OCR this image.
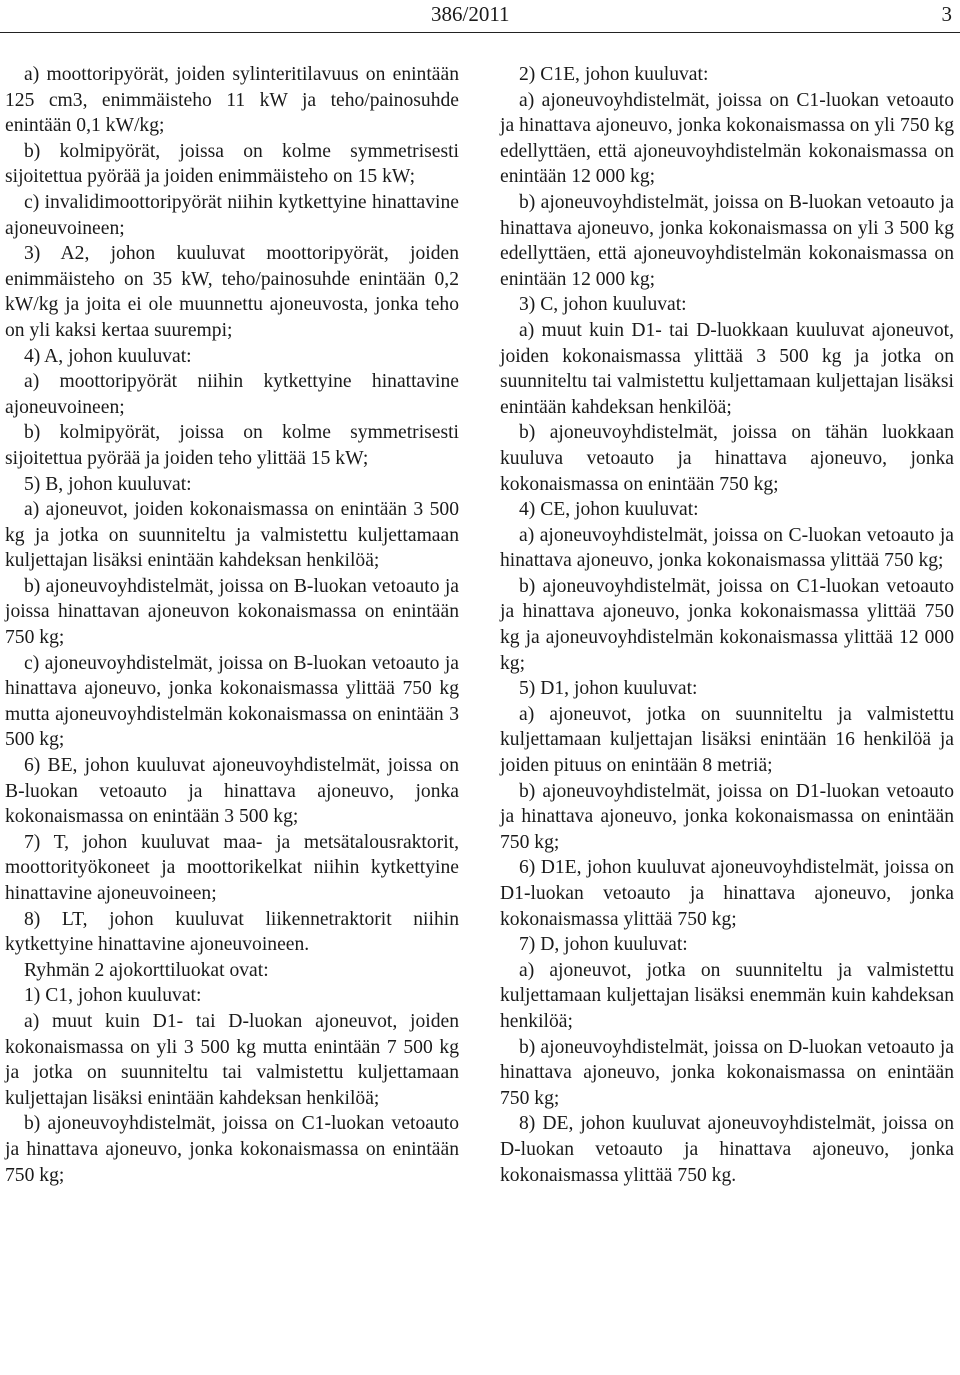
386/2011	3

a) moottoripyörät, joiden sylinteritilavuus on enintään 125 cm3, enimmäisteho 11 kW ja teho/painosuhde enintään 0,1 kW/kg;

b) kolmipyörät, joissa on kolme symmetrisesti sijoitettua pyörää ja joiden enimmäisteho on 15 kW;

c) invalidimoottoripyörät niihin kytkettyine hinattavine ajoneuvoineen;

3) A2, johon kuuluvat moottoripyörät, joiden enimmäisteho on 35 kW, teho/painosuhde enintään 0,2 kW/kg ja joita ei ole muunnettu ajoneuvosta, jonka teho on yli kaksi kertaa suurempi;

4) A, johon kuuluvat:

a) moottoripyörät niihin kytkettyine hinattavine ajoneuvoineen;

b) kolmipyörät, joissa on kolme symmetrisesti sijoitettua pyörää ja joiden teho ylittää 15 kW;

5) B, johon kuuluvat:

a) ajoneuvot, joiden kokonaismassa on enintään 3 500 kg ja jotka on suunniteltu ja valmistettu kuljettamaan kuljettajan lisäksi enintään kahdeksan henkilöä;

b) ajoneuvoyhdistelmät, joissa on B-luokan vetoauto ja joissa hinattavan ajoneuvon kokonaismassa on enintään 750 kg;

c) ajoneuvoyhdistelmät, joissa on B-luokan vetoauto ja hinattava ajoneuvo, jonka kokonaismassa ylittää 750 kg mutta ajoneuvoyhdistelmän kokonaismassa on enintään 3 500 kg;

6) BE, johon kuuluvat ajoneuvoyhdistelmät, joissa on B-luokan vetoauto ja hinattava ajoneuvo, jonka kokonaismassa on enintään 3 500 kg;

7) T, johon kuuluvat maa- ja metsätalousraktorit, moottorityökoneet ja moottorikelkat niihin kytkettyine hinattavine ajoneuvoineen;

8) LT, johon kuuluvat liikennetraktorit niihin kytkettyine hinattavine ajoneuvoineen.

Ryhmän 2 ajokorttiluokat ovat:

1) C1, johon kuuluvat:

a) muut kuin D1- tai D-luokan ajoneuvot, joiden kokonaismassa on yli 3 500 kg mutta enintään 7 500 kg ja jotka on suunniteltu tai valmistettu kuljettamaan kuljettajan lisäksi enintään kahdeksan henkilöä;

b) ajoneuvoyhdistelmät, joissa on C1-luokan vetoauto ja hinattava ajoneuvo, jonka kokonaismassa on enintään 750 kg;

2) C1E, johon kuuluvat:

a) ajoneuvoyhdistelmät, joissa on C1-luokan vetoauto ja hinattava ajoneuvo, jonka kokonaismassa on yli 750 kg edellyttäen, että ajoneuvoyhdistelmän kokonaismassa on enintään 12 000 kg;

b) ajoneuvoyhdistelmät, joissa on B-luokan vetoauto ja hinattava ajoneuvo, jonka kokonaismassa on yli 3 500 kg edellyttäen, että ajoneuvoyhdistelmän kokonaismassa on enintään 12 000 kg;

3) C, johon kuuluvat:

a) muut kuin D1- tai D-luokkaan kuuluvat ajoneuvot, joiden kokonaismassa ylittää 3 500 kg ja jotka on suunniteltu tai valmistettu kuljettamaan kuljettajan lisäksi enintään kahdeksan henkilöä;

b) ajoneuvoyhdistelmät, joissa on tähän luokkaan kuuluva vetoauto ja hinattava ajoneuvo, jonka kokonaismassa on enintään 750 kg;

4) CE, johon kuuluvat:

a) ajoneuvoyhdistelmät, joissa on C-luokan vetoauto ja hinattava ajoneuvo, jonka kokonaismassa ylittää 750 kg;

b) ajoneuvoyhdistelmät, joissa on C1-luokan vetoauto ja hinattava ajoneuvo, jonka kokonaismassa ylittää 750 kg ja ajoneuvoyhdistelmän kokonaismassa ylittää 12 000 kg;

5) D1, johon kuuluvat:

a) ajoneuvot, jotka on suunniteltu ja valmistettu kuljettamaan kuljettajan lisäksi enintään 16 henkilöä ja joiden pituus on enintään 8 metriä;

b) ajoneuvoyhdistelmät, joissa on D1-luokan vetoauto ja hinattava ajoneuvo, jonka kokonaismassa on enintään 750 kg;

6) D1E, johon kuuluvat ajoneuvoyhdistelmät, joissa on D1-luokan vetoauto ja hinattava ajoneuvo, jonka kokonaismassa ylittää 750 kg;

7) D, johon kuuluvat:

a) ajoneuvot, jotka on suunniteltu ja valmistettu kuljettamaan kuljettajan lisäksi enemmän kuin kahdeksan henkilöä;

b) ajoneuvoyhdistelmät, joissa on D-luokan vetoauto ja hinattava ajoneuvo, jonka kokonaismassa on enintään 750 kg;

8) DE, johon kuuluvat ajoneuvoyhdistelmät, joissa on D-luokan vetoauto ja hinattava ajoneuvo, jonka kokonaismassa ylittää 750 kg.
